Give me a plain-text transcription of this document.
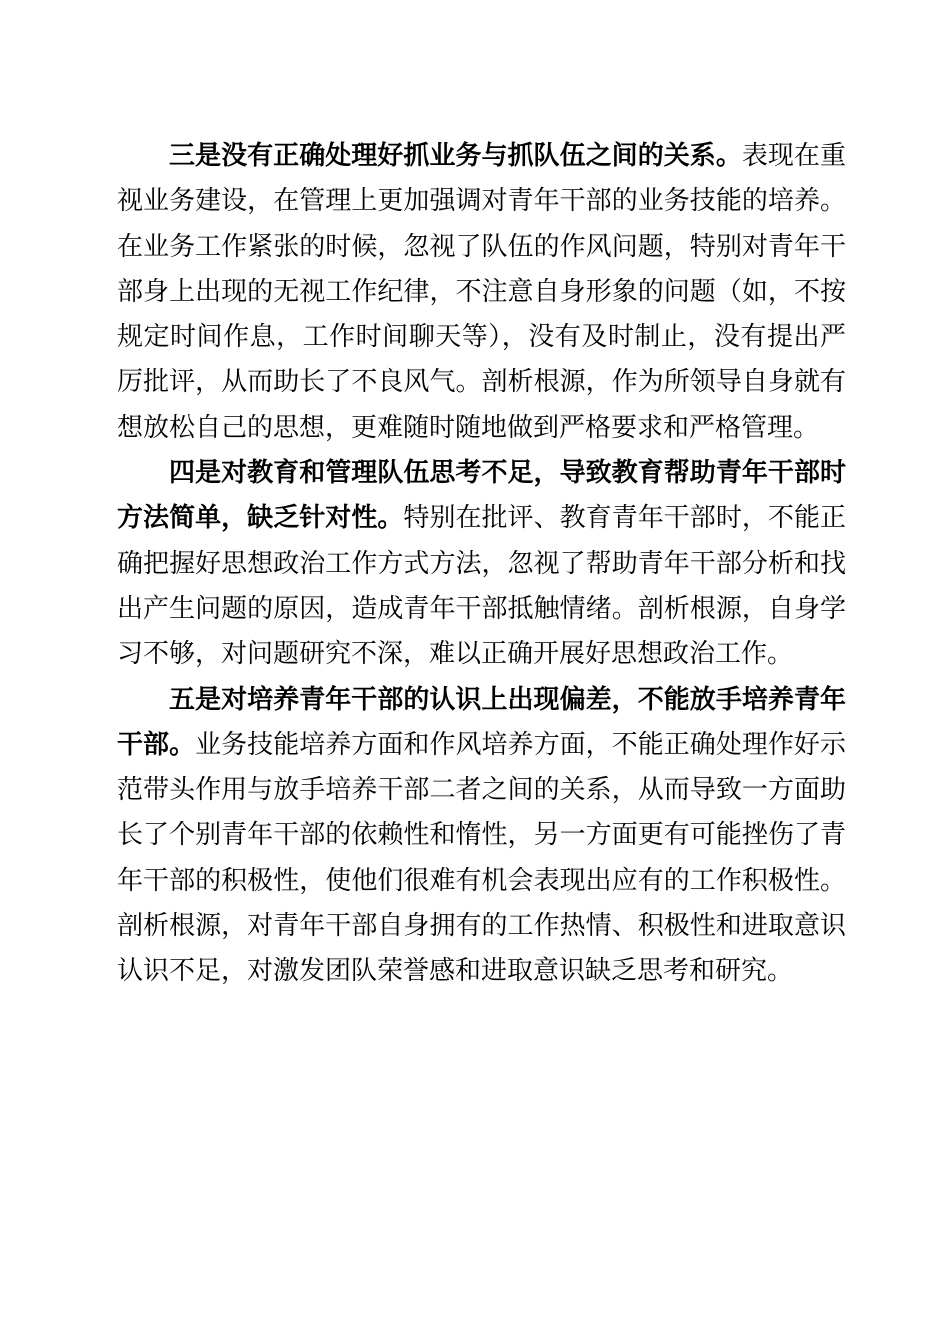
三是没有正确处理好抓业务与抓队伍之间的关系。表现在重视业务建设，在管理上更加强调对青年干部的业务技能的培养。在业务工作紧张的时候，忽视了队伍的作风问题，特别对青年干部身上出现的无视工作纪律，不注意自身形象的问题（如，不按规定时间作息，工作时间聊天等），没有及时制止，没有提出严厉批评，从而助长了不良风气。剖析根源，作为所领导自身就有想放松自己的思想，更难随时随地做到严格要求和严格管理。

四是对教育和管理队伍思考不足，导致教育帮助青年干部时方法简单，缺乏针对性。特别在批评、教育青年干部时，不能正确把握好思想政治工作方式方法，忽视了帮助青年干部分析和找出产生问题的原因，造成青年干部抵触情绪。剖析根源，自身学习不够，对问题研究不深，难以正确开展好思想政治工作。

五是对培养青年干部的认识上出现偏差，不能放手培养青年干部。业务技能培养方面和作风培养方面，不能正确处理作好示范带头作用与放手培养干部二者之间的关系，从而导致一方面助长了个别青年干部的依赖性和惰性，另一方面更有可能挫伤了青年干部的积极性，使他们很难有机会表现出应有的工作积极性。剖析根源，对青年干部自身拥有的工作热情、积极性和进取意识认识不足，对激发团队荣誉感和进取意识缺乏思考和研究。
